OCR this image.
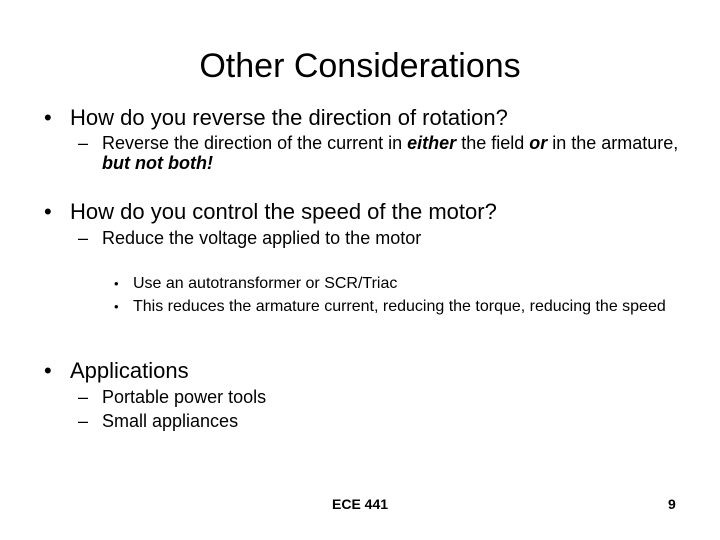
Other Considerations
• How do you reverse the direction of rotation?
– Reverse the direction of the current in either the field or in the armature, but not both!
• How do you control the speed of the motor?
– Reduce the voltage applied to the motor
• Use an autotransformer or SCR/Triac
• This reduces the armature current, reducing the torque, reducing the speed
• Applications
– Portable power tools
– Small appliances
ECE 441	9
